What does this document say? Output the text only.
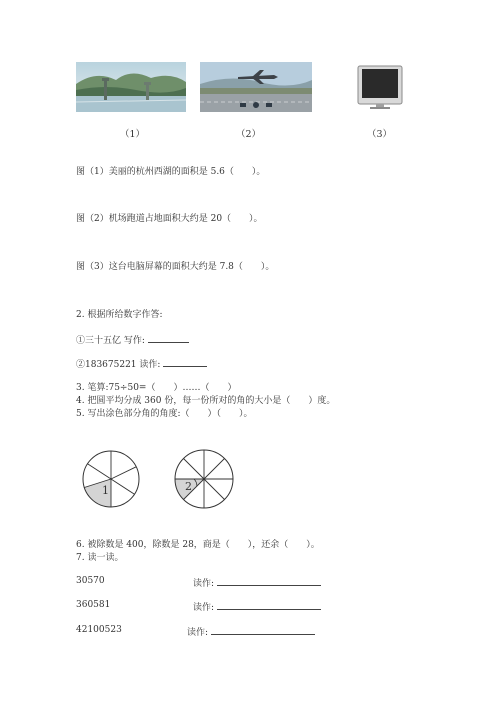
（1）	（2）	（3）
图（1）美丽的杭州西湖的面积是 5.6（　　）。
图（2）机场跑道占地面积大约是 20（　　）。
图（3）这台电脑屏幕的面积大约是 7.8（　　）。
2. 根据所给数字作答:
①三十五亿 写作:
②183675221 读作:
3. 笔算:75÷50=（　　）……（　　）
4. 把圆平均分成 360 份，每一份所对的角的大小是（　　）度。
5. 写出涂色部分角的角度:（　　）（　　）。
1	2
6. 被除数是 400，除数是 28，商是（　　），还余（　　）。
7. 读一读。
30570	读作:
360581	读作:
42100523	读作:
